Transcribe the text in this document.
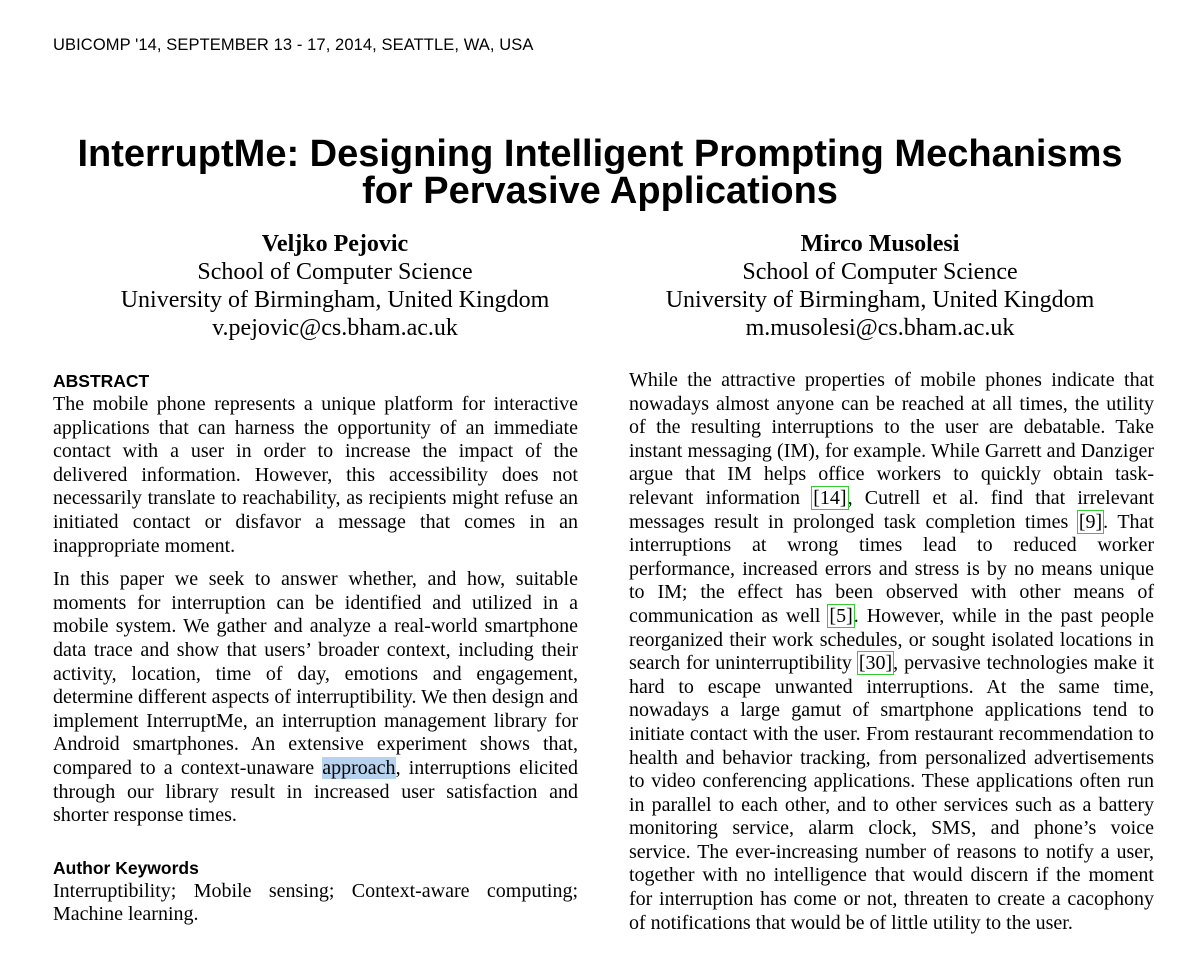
UBICOMP '14, SEPTEMBER 13 - 17, 2014, SEATTLE, WA, USA
InterruptMe: Designing Intelligent Prompting Mechanisms
for Pervasive Applications
Veljko Pejovic
School of Computer Science
University of Birmingham, United Kingdom
v.pejovic@cs.bham.ac.uk
Mirco Musolesi
School of Computer Science
University of Birmingham, United Kingdom
m.musolesi@cs.bham.ac.uk
ABSTRACT

The mobile phone represents a unique platform for interactive applications that can harness the opportunity of an immediate contact with a user in order to increase the impact of the delivered information. However, this accessibility does not necessarily translate to reachability, as recipients might refuse an initiated contact or disfavor a message that comes in an inappropriate moment.

In this paper we seek to answer whether, and how, suitable moments for interruption can be identified and utilized in a mobile system. We gather and analyze a real-world smartphone data trace and show that users’ broader context, including their activity, location, time of day, emotions and engagement, determine different aspects of interruptibility. We then design and implement InterruptMe, an interruption management library for Android smartphones. An extensive experiment shows that, compared to a context-unaware approach, interruptions elicited through our library result in increased user satisfaction and shorter response times.

Author Keywords

Interruptibility; Mobile sensing; Context-aware computing; Machine learning.

While the attractive properties of mobile phones indicate that nowadays almost anyone can be reached at all times, the utility of the resulting interruptions to the user are debatable. Take instant messaging (IM), for example. While Garrett and Danziger argue that IM helps office workers to quickly obtain task-relevant information [14], Cutrell et al. find that irrelevant messages result in prolonged task completion times [9]. That interruptions at wrong times lead to reduced worker performance, increased errors and stress is by no means unique to IM; the effect has been observed with other means of communication as well [5]. However, while in the past people reorganized their work schedules, or sought isolated locations in search for uninterruptibility [30], pervasive technologies make it hard to escape unwanted interruptions. At the same time, nowadays a large gamut of smartphone applications tend to initiate contact with the user. From restaurant recommendation to health and behavior tracking, from personalized advertisements to video conferencing applications. These applications often run in parallel to each other, and to other services such as a battery monitoring service, alarm clock, SMS, and phone’s voice service. The ever-increasing number of reasons to notify a user, together with no intelligence that would discern if the moment for interruption has come or not, threaten to create a cacophony of notifications that would be of little utility to the user.
